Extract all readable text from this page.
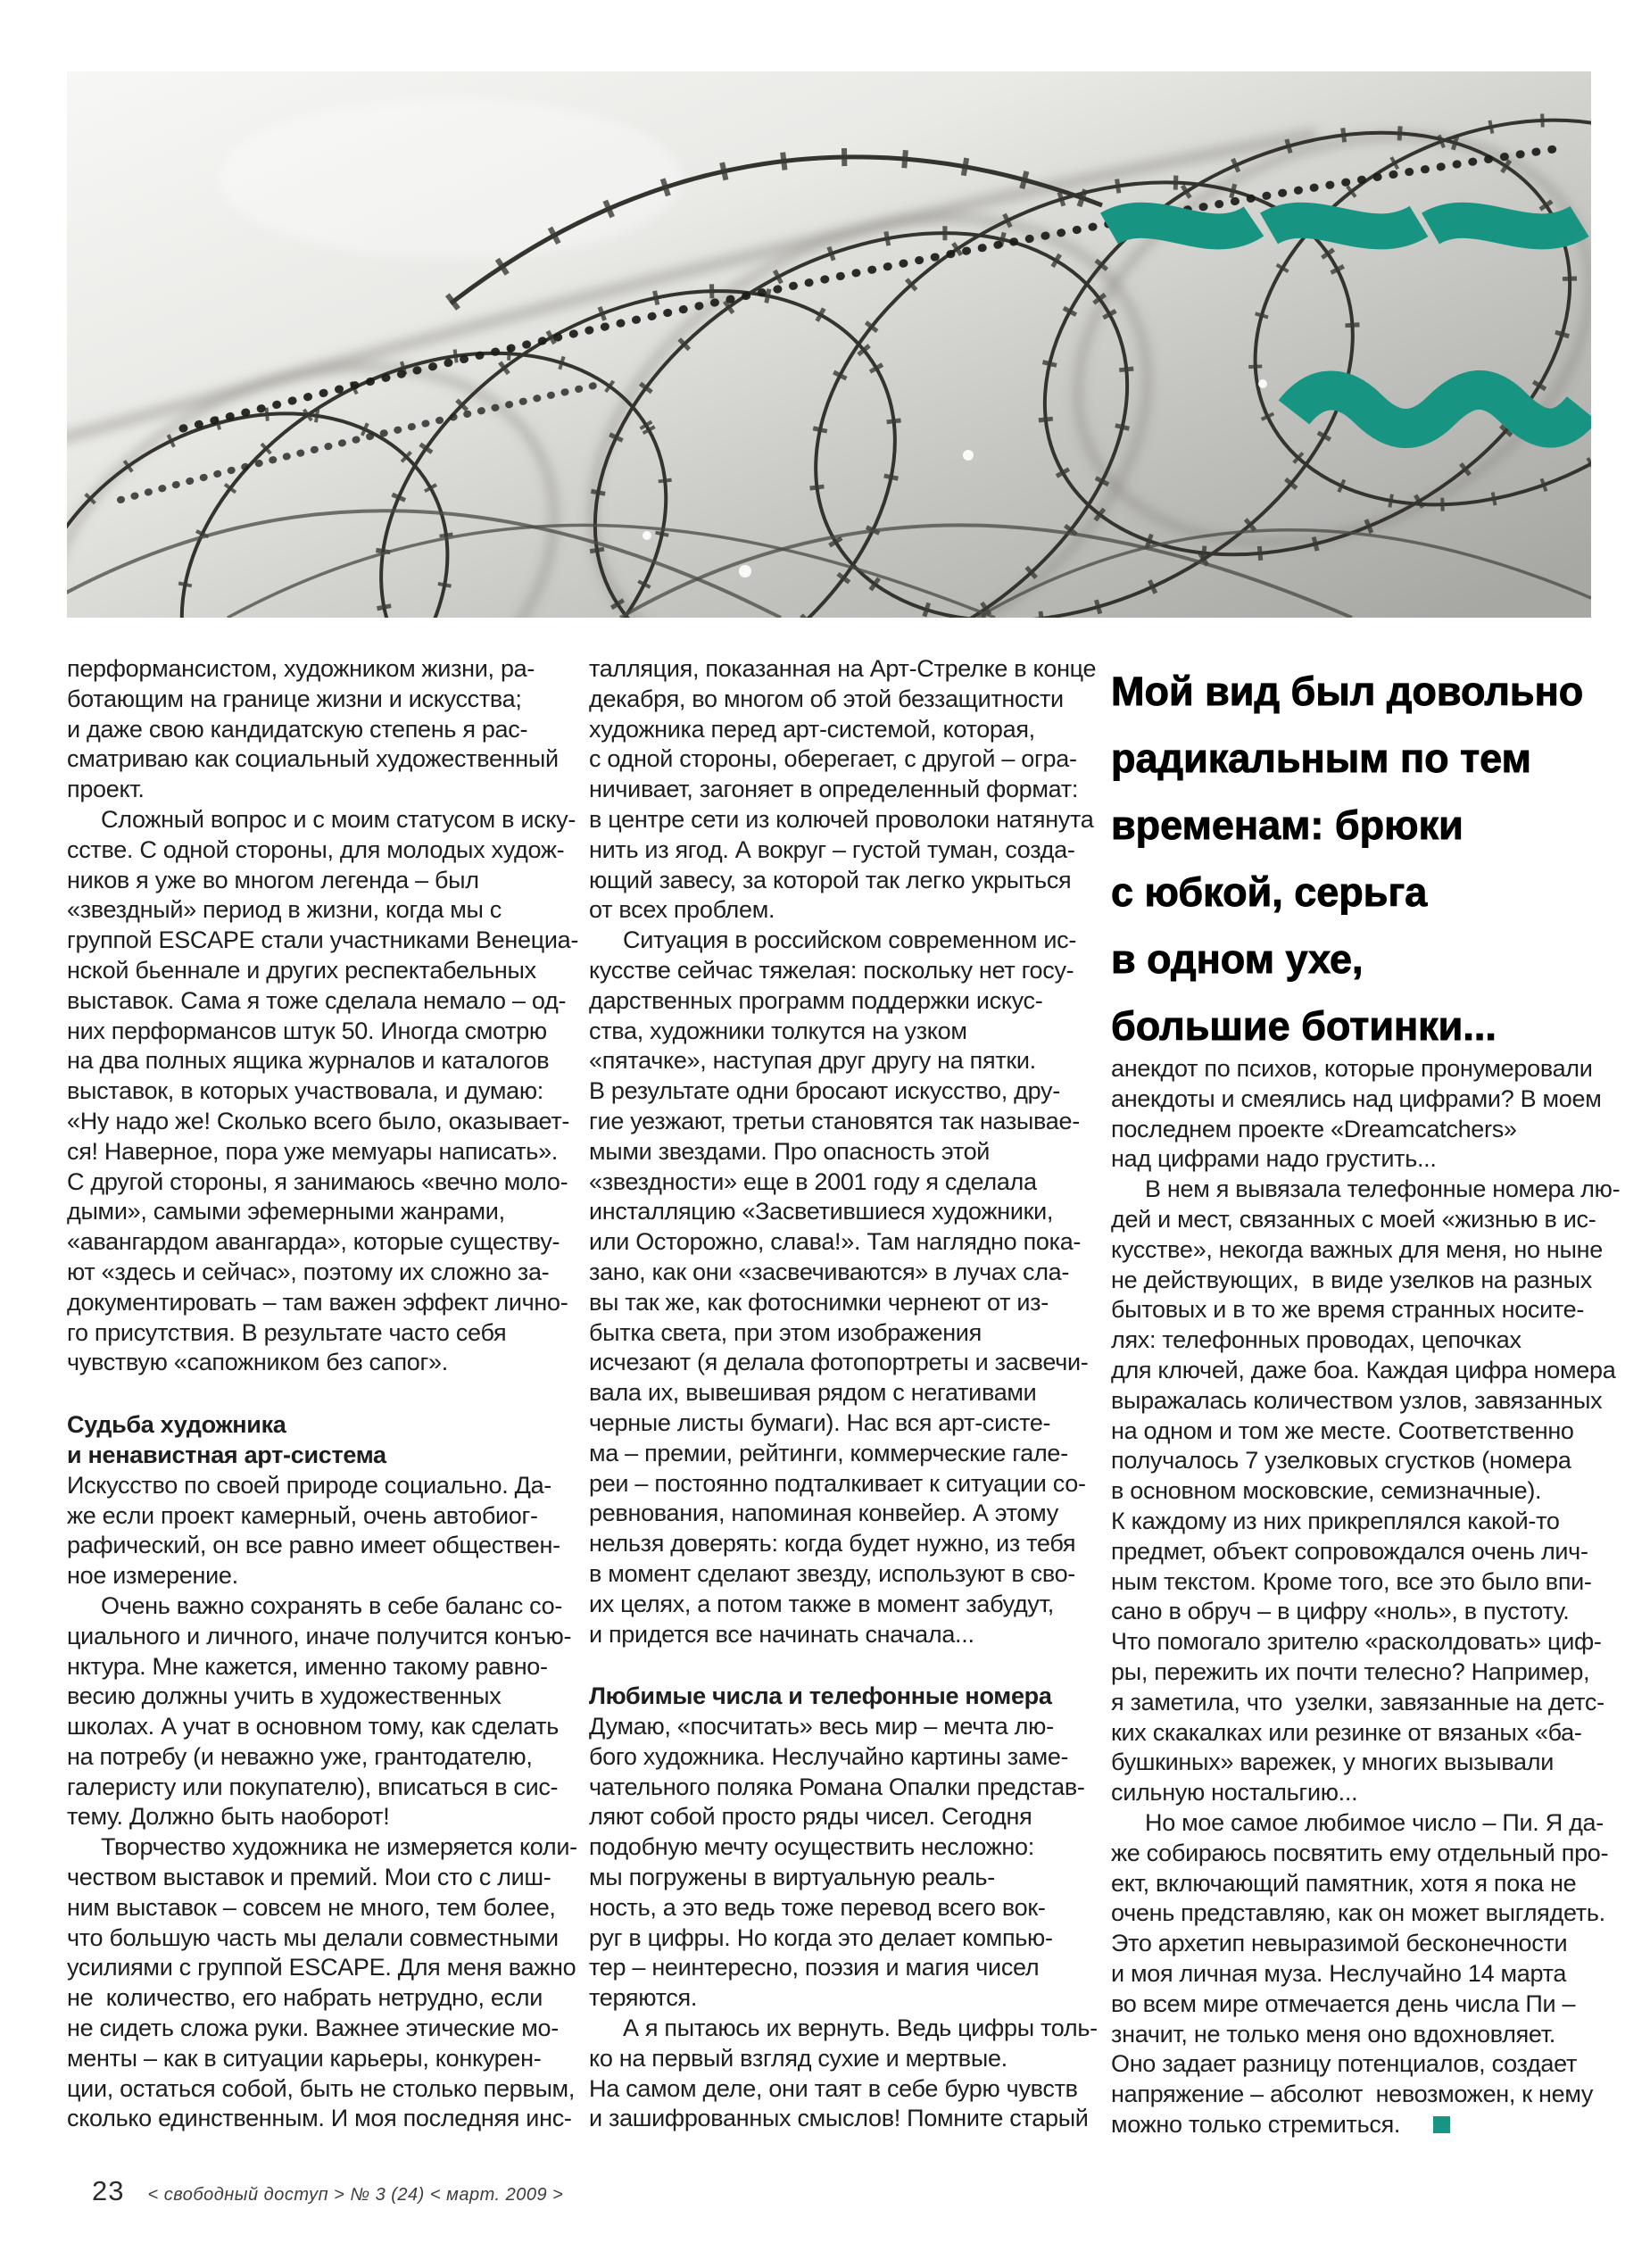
Мой вид был довольно
радикальным по тем
временам: брюки
с юбкой, серьга
в одном ухе,
большие ботинки...
перформансистом, художником жизни, ра-
ботающим на границе жизни и искусства;
и даже свою кандидатскую степень я рас-
сматриваю как социальный художественный
проект.
Сложный вопрос и с моим статусом в иску-
сстве. С одной стороны, для молодых худож-
ников я уже во многом легенда – был
«звездный» период в жизни, когда мы с
группой ESCAPE стали участниками Венециа-
нской бьеннале и других респектабельных
выставок. Сама я тоже сделала немало – од-
них перформансов штук 50. Иногда смотрю
на два полных ящика журналов и каталогов
выставок, в которых участвовала, и думаю:
«Ну надо же! Сколько всего было, оказывает-
ся! Наверное, пора уже мемуары написать».
С другой стороны, я занимаюсь «вечно моло-
дыми», самыми эфемерными жанрами,
«авангардом авангарда», которые существу-
ют «здесь и сейчас», поэтому их сложно за-
документировать – там важен эффект лично-
го присутствия. В результате часто себя
чувствую «сапожником без сапог».
Судьба художника
и ненавистная арт-система
Искусство по своей природе социально. Да-
же если проект камерный, очень автобиог-
рафический, он все равно имеет обществен-
ное измерение.
Очень важно сохранять в себе баланс со-
циального и личного, иначе получится конъю-
нктура. Мне кажется, именно такому равно-
весию должны учить в художественных
школах. А учат в основном тому, как сделать
на потребу (и неважно уже, грантодателю,
галеристу или покупателю), вписаться в сис-
тему. Должно быть наоборот!
Творчество художника не измеряется коли-
чеством выставок и премий. Мои сто с лиш-
ним выставок – совсем не много, тем более,
что большую часть мы делали совместными
усилиями с группой ESCAPE. Для меня важно
не  количество, его набрать нетрудно, если
не сидеть сложа руки. Важнее этические мо-
менты – как в ситуации карьеры, конкурен-
ции, остаться собой, быть не столько первым,
сколько единственным. И моя последняя инс-
талляция, показанная на Арт-Стрелке в конце
декабря, во многом об этой беззащитности
художника перед арт-системой, которая,
с одной стороны, оберегает, с другой – огра-
ничивает, загоняет в определенный формат:
в центре сети из колючей проволоки натянута
нить из ягод. А вокруг – густой туман, созда-
ющий завесу, за которой так легко укрыться
от всех проблем.
Ситуация в российском современном ис-
кусстве сейчас тяжелая: поскольку нет госу-
дарственных программ поддержки искус-
ства, художники толкутся на узком
«пятачке», наступая друг другу на пятки.
В результате одни бросают искусство, дру-
гие уезжают, третьи становятся так называе-
мыми звездами. Про опасность этой
«звездности» еще в 2001 году я сделала
инсталляцию «Засветившиеся художники,
или Осторожно, слава!». Там наглядно пока-
зано, как они «засвечиваются» в лучах сла-
вы так же, как фотоснимки чернеют от из-
бытка света, при этом изображения
исчезают (я делала фотопортреты и засвечи-
вала их, вывешивая рядом с негативами
черные листы бумаги). Нас вся арт-систе-
ма – премии, рейтинги, коммерческие гале-
реи – постоянно подталкивает к ситуации со-
ревнования, напоминая конвейер. А этому
нельзя доверять: когда будет нужно, из тебя
в момент сделают звезду, используют в сво-
их целях, а потом также в момент забудут,
и придется все начинать сначала...
Любимые числа и телефонные номера
Думаю, «посчитать» весь мир – мечта лю-
бого художника. Неслучайно картины заме-
чательного поляка Романа Опалки представ-
ляют собой просто ряды чисел. Сегодня
подобную мечту осуществить несложно:
мы погружены в виртуальную реаль-
ность, а это ведь тоже перевод всего вок-
руг в цифры. Но когда это делает компью-
тер – неинтересно, поэзия и магия чисел
теряются.
А я пытаюсь их вернуть. Ведь цифры толь-
ко на первый взгляд сухие и мертвые.
На самом деле, они таят в себе бурю чувств
и зашифрованных смыслов! Помните старый
анекдот по психов, которые пронумеровали
анекдоты и смеялись над цифрами? В моем
последнем проекте «Dreamcatchers»
над цифрами надо грустить...
В нем я вывязала телефонные номера лю-
дей и мест, связанных с моей «жизнью в ис-
кусстве», некогда важных для меня, но ныне
не действующих,  в виде узелков на разных
бытовых и в то же время странных носите-
лях: телефонных проводах, цепочках
для ключей, даже боа. Каждая цифра номера
выражалась количеством узлов, завязанных
на одном и том же месте. Соответственно
получалось 7 узелковых сгустков (номера
в основном московские, семизначные).
К каждому из них прикреплялся какой-то
предмет, объект сопровождался очень лич-
ным текстом. Кроме того, все это было впи-
сано в обруч – в цифру «ноль», в пустоту.
Что помогало зрителю «расколдовать» циф-
ры, пережить их почти телесно? Например,
я заметила, что  узелки, завязанные на детс-
ких скакалках или резинке от вязаных «ба-
бушкиных» варежек, у многих вызывали
сильную ностальгию...
Но мое самое любимое число – Пи. Я да-
же собираюсь посвятить ему отдельный про-
ект, включающий памятник, хотя я пока не
очень представляю, как он может выглядеть.
Это архетип невыразимой бесконечности
и моя личная муза. Неслучайно 14 марта
во всем мире отмечается день числа Пи –
значит, не только меня оно вдохновляет.
Оно задает разницу потенциалов, создает
напряжение – абсолют  невозможен, к нему
можно только стремиться.
23 < свободный доступ > № 3 (24) < март. 2009 >
